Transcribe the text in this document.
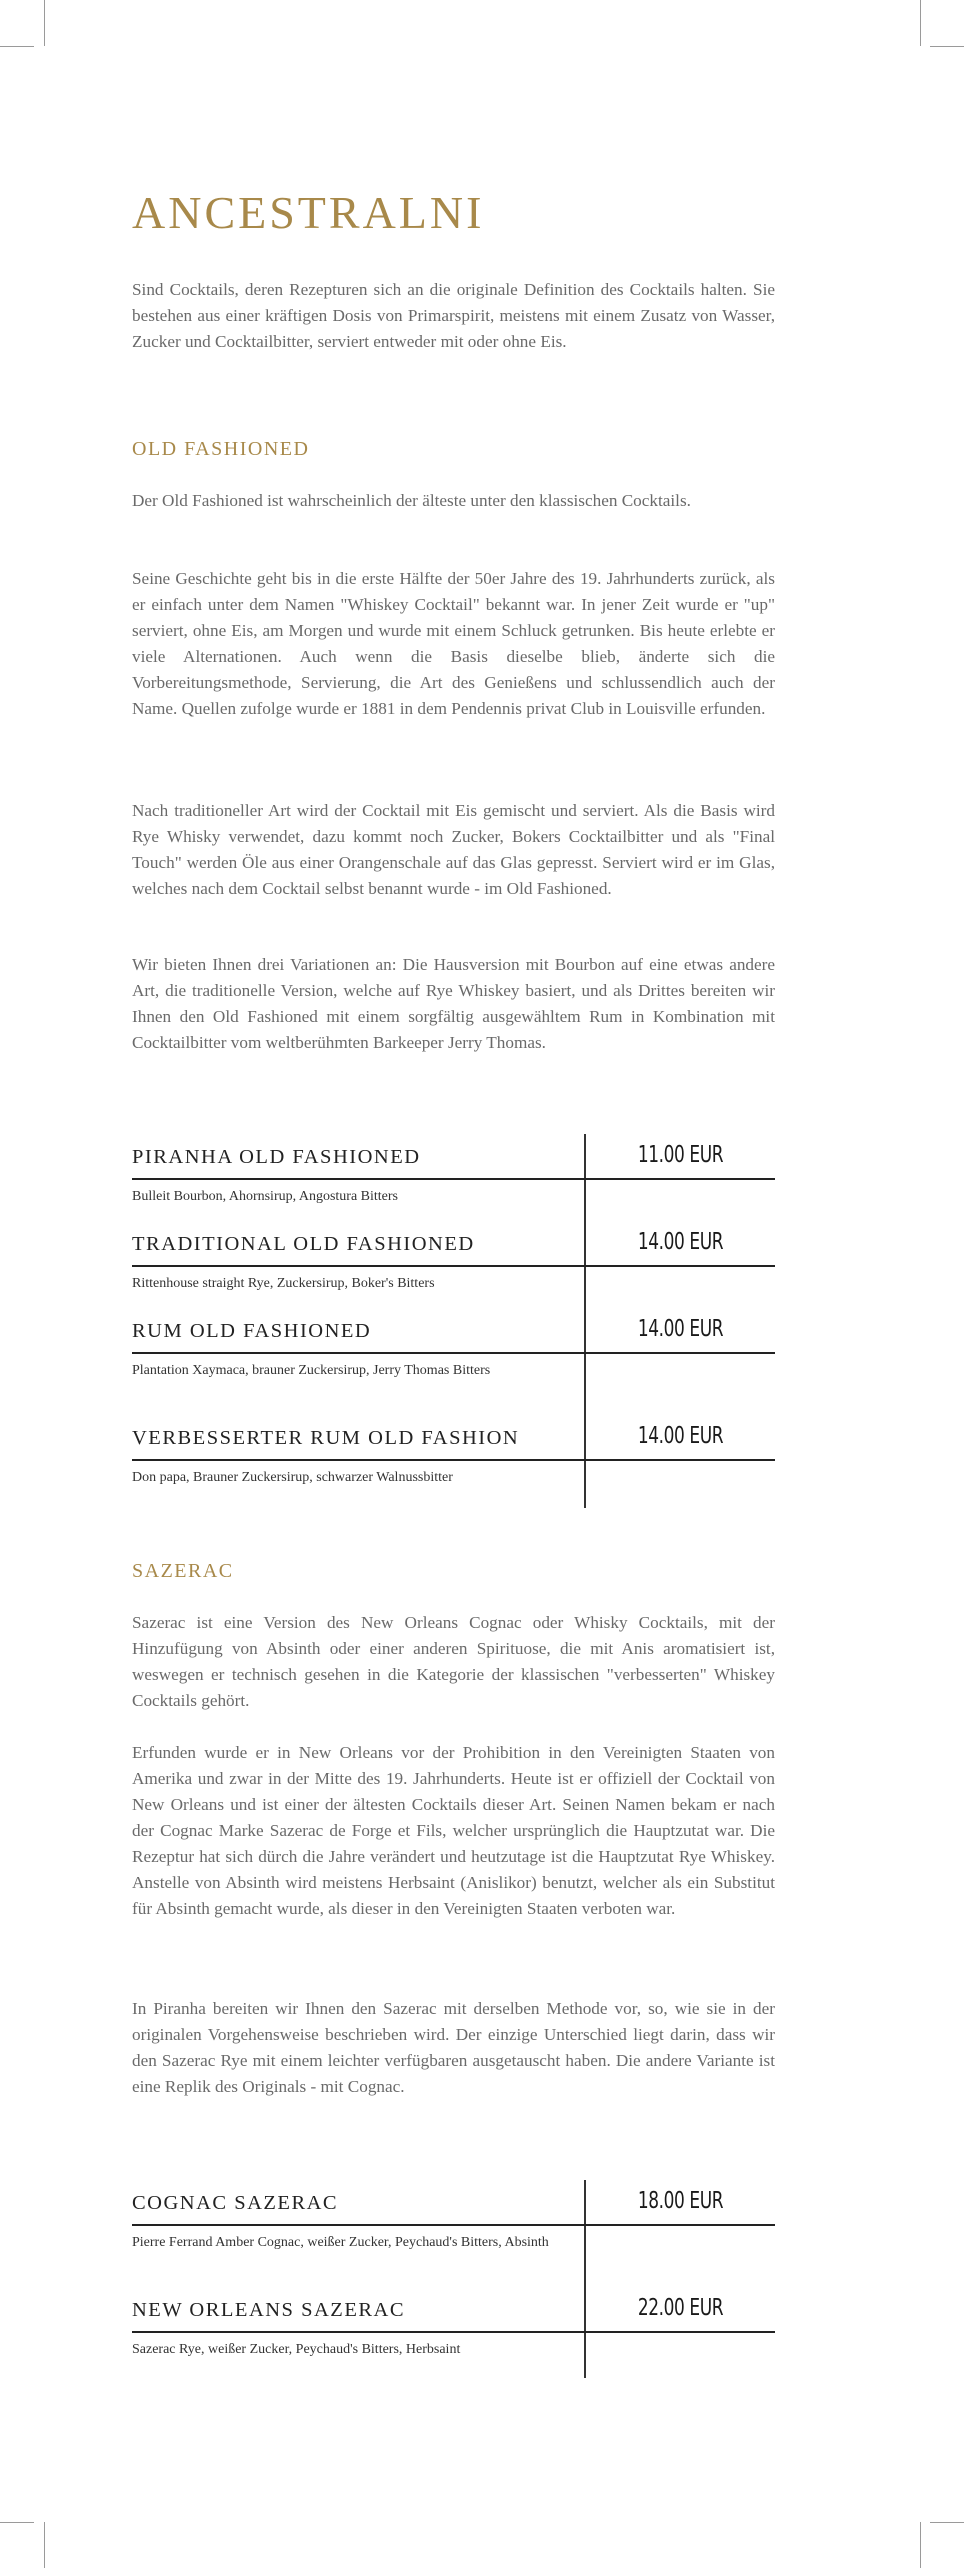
ANCESTRALNI

Sind Cocktails, deren Rezepturen sich an die originale Definition des Cocktails halten. Sie bestehen aus einer kräftigen Dosis von Primarspirit, meistens mit einem Zusatz von Wasser, Zucker und Cocktailbitter, serviert entweder mit oder ohne Eis.

OLD FASHIONED

Der Old Fashioned ist wahrscheinlich der älteste unter den klassischen Cocktails.

Seine Geschichte geht bis in die erste Hälfte der 50er Jahre des 19. Jahrhunderts zurück, als er einfach unter dem Namen "Whiskey Cocktail" bekannt war. In jener Zeit wurde er "up" serviert, ohne Eis, am Morgen und wurde mit einem Schluck getrunken. Bis heute erlebte er viele Alternationen. Auch wenn die Basis dieselbe blieb, änderte sich die Vorbereitungsmethode, Servierung, die Art des Genießens und schlussendlich auch der Name. Quellen zufolge wurde er 1881 in dem Pendennis privat Club in Louisville erfunden.

Nach traditioneller Art wird der Cocktail mit Eis gemischt und serviert. Als die Basis wird Rye Whisky verwendet, dazu kommt noch Zucker, Bokers Cocktailbitter und als "Final Touch" werden Öle aus einer Orangenschale auf das Glas gepresst. Serviert wird er im Glas, welches nach dem Cocktail selbst benannt wurde - im Old Fashioned.

Wir bieten Ihnen drei Variationen an: Die Hausversion mit Bourbon auf eine etwas andere Art, die traditionelle Version, welche auf Rye Whiskey basiert, und als Drittes bereiten wir Ihnen den Old Fashioned mit einem sorgfältig ausgewähltem Rum in Kombination mit Cocktailbitter vom weltberühmten Barkeeper Jerry Thomas.

PIRANHA OLD FASHIONED	11.00 EUR

Bulleit Bourbon, Ahornsirup, Angostura Bitters

TRADITIONAL OLD FASHIONED	14.00 EUR

Rittenhouse straight Rye, Zuckersirup, Boker's Bitters

RUM OLD FASHIONED	14.00 EUR

Plantation Xaymaca, brauner Zuckersirup, Jerry Thomas Bitters

VERBESSERTER RUM OLD FASHION	14.00 EUR

Don papa, Brauner Zuckersirup, schwarzer Walnussbitter

SAZERAC

Sazerac ist eine Version des New Orleans Cognac oder Whisky Cocktails, mit der Hinzufügung von Absinth oder einer anderen Spirituose, die mit Anis aromatisiert ist, weswegen er technisch gesehen in die Kategorie der klassischen "verbesserten" Whiskey Cocktails gehört.

Erfunden wurde er in New Orleans vor der Prohibition in den Vereinigten Staaten von Amerika und zwar in der Mitte des 19. Jahrhunderts. Heute ist er offiziell der Cocktail von New Orleans und ist einer der ältesten Cocktails dieser Art. Seinen Namen bekam er nach der Cognac Marke Sazerac de Forge et Fils, welcher ursprünglich die Hauptzutat war. Die Rezeptur hat sich dürch die Jahre verändert und heutzutage ist die Hauptzutat Rye Whiskey. Anstelle von Absinth wird meistens Herbsaint (Anislikor) benutzt, welcher als ein Substitut für Absinth gemacht wurde, als dieser in den Vereinigten Staaten verboten war.

In Piranha bereiten wir Ihnen den Sazerac mit derselben Methode vor, so, wie sie in der originalen Vorgehensweise beschrieben wird. Der einzige Unterschied liegt darin, dass wir den Sazerac Rye mit einem leichter verfügbaren ausgetauscht haben. Die andere Variante ist eine Replik des Originals - mit Cognac.

COGNAC SAZERAC	18.00 EUR

Pierre Ferrand Amber Cognac, weißer Zucker, Peychaud's Bitters, Absinth

NEW ORLEANS SAZERAC	22.00 EUR

Sazerac Rye, weißer Zucker, Peychaud's Bitters, Herbsaint
